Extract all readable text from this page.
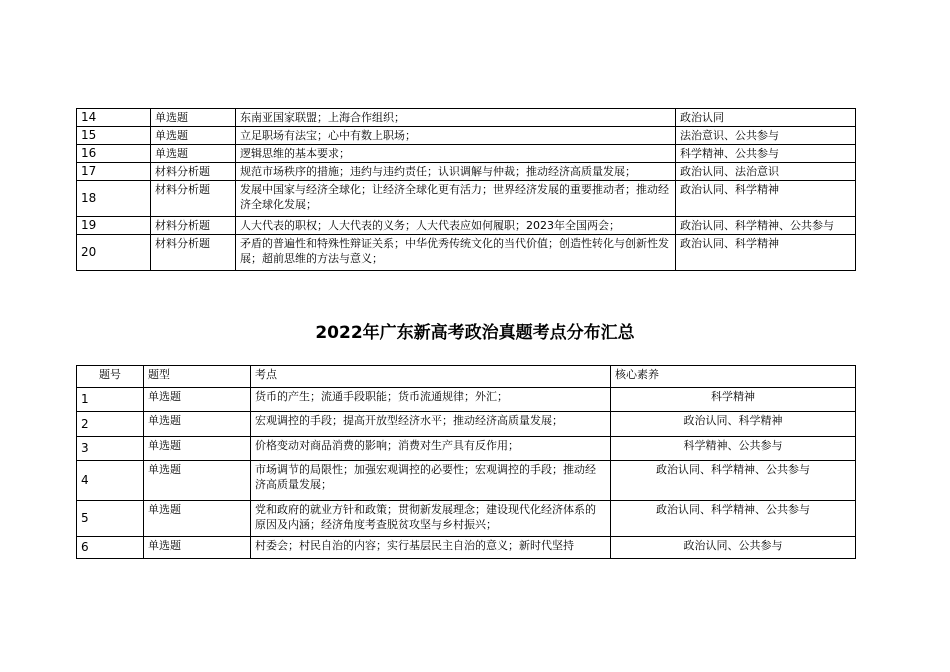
14	单选题	东南亚国家联盟；上海合作组织；	政治认同
15	单选题	立足职场有法宝；心中有数上职场；	法治意识、公共参与
16	单选题	逻辑思维的基本要求；	科学精神、公共参与
17	材料分析题	规范市场秩序的措施；违约与违约责任；认识调解与仲裁；推动经济高质量发展；	政治认同、法治意识
18	材料分析题	发展中国家与经济全球化；让经济全球化更有活力；世界经济发展的重要推动者；推动经济全球化发展；	政治认同、科学精神
19	材料分析题	人大代表的职权；人大代表的义务；人大代表应如何履职；2023年全国两会；	政治认同、科学精神、公共参与
20	材料分析题	矛盾的普遍性和特殊性辩证关系；中华优秀传统文化的当代价值；创造性转化与创新性发展；超前思维的方法与意义；	政治认同、科学精神
2022年广东新高考政治真题考点分布汇总
题号	题型	考点	核心素养
1	单选题	货币的产生；流通手段职能；货币流通规律；外汇；	科学精神
2	单选题	宏观调控的手段；提高开放型经济水平；推动经济高质量发展；	政治认同、科学精神
3	单选题	价格变动对商品消费的影响；消费对生产具有反作用；	科学精神、公共参与
4	单选题	市场调节的局限性；加强宏观调控的必要性；宏观调控的手段；推动经济高质量发展；	政治认同、科学精神、公共参与
5	单选题	党和政府的就业方针和政策；贯彻新发展理念；建设现代化经济体系的原因及内涵；经济角度考查脱贫攻坚与乡村振兴；	政治认同、科学精神、公共参与
6	单选题	村委会；村民自治的内容；实行基层民主自治的意义；新时代坚持	政治认同、公共参与
